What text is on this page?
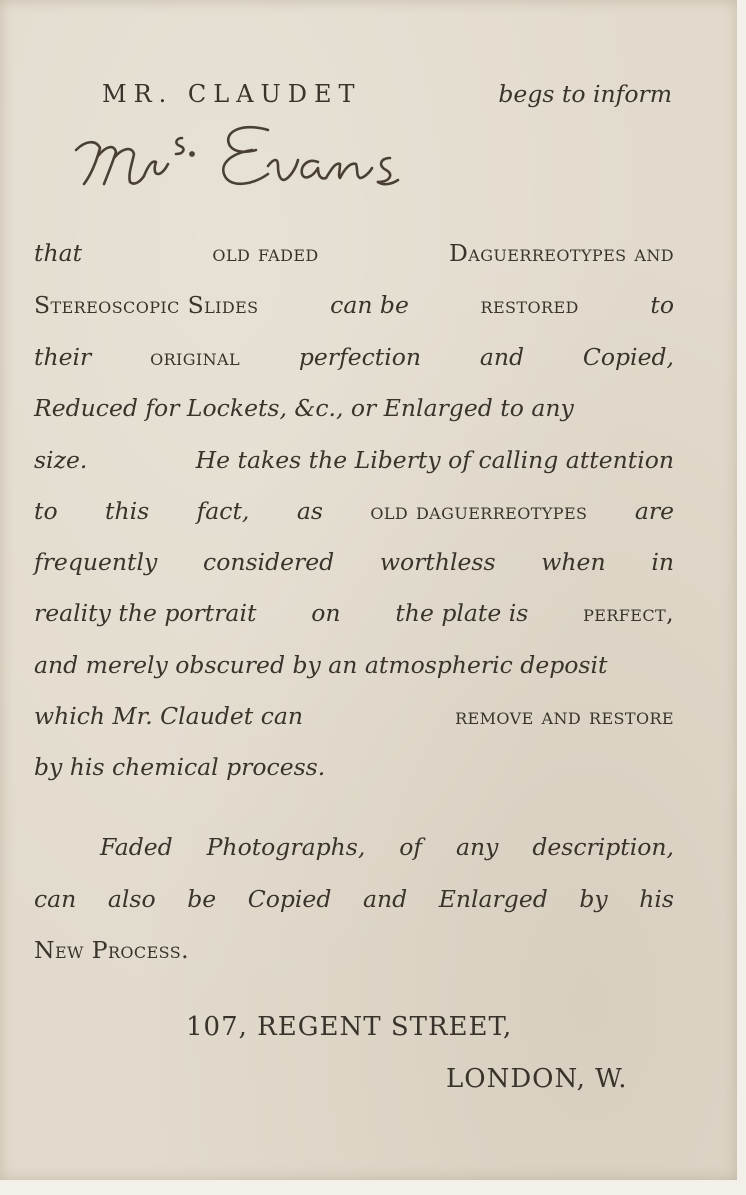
MR. CLAUDET	begs to inform
that	old faded	Daguerreotypes and
Stereoscopic Slides	can be	restored	to
their	original	perfection	and	Copied,
Reduced for Lockets, &c., or Enlarged to any
size.	He takes the Liberty of calling attention
to this fact, as old daguerreotypes are
frequently considered worthless when in
reality the portrait on the plate is perfect,
and merely obscured by an atmospheric deposit
which Mr. Claudet can	remove and restore
by his chemical process.
Faded Photographs, of any description,
can also be Copied and Enlarged by his
New Process.
107, REGENT STREET,
LONDON, W.
